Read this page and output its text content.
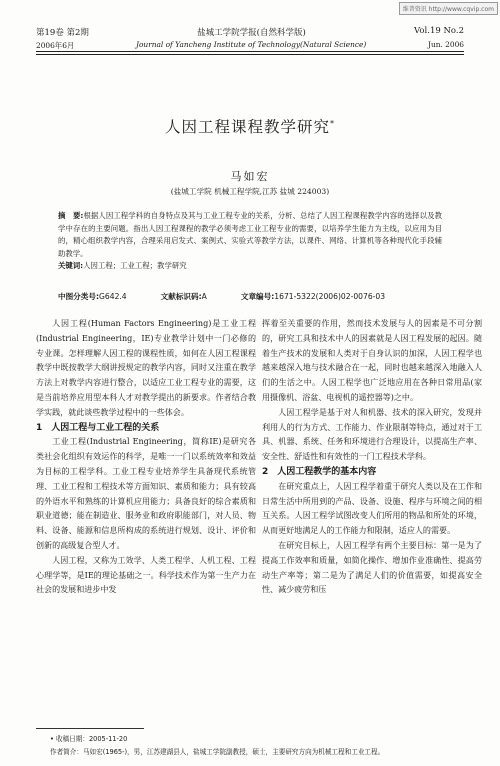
维普资讯 http://www.cqvip.com
第19卷 第2期	盐城工学院学报(自然科学版)	Vol.19 No.2
2006年6月	Journal of Yancheng Institute of Technology(Natural Science)	Jun. 2006
人因工程课程教学研究*
马如宏
(盐城工学院 机械工程学院,江苏 盐城 224003)
摘　要:根据人因工程学科的自身特点及其与工业工程专业的关系，分析、总结了人因工程课程教学内容的选择以及教学中存在的主要问题。指出人因工程课程的教学必须考虑工业工程专业的需要，以培养学生能力为主线，以应用为目的，精心组织教学内容，合理采用启发式、案例式、实验式等教学方法，以课件、网络、计算机等各种现代化手段辅助教学。
关键词:人因工程；工业工程；教学研究
中图分类号:G642.4	文献标识码:A	文章编号:1671-5322(2006)02-0076-03

人因工程(Human Factors Engineering)是工业工程(Industrial Engineering，IE)专业教学计划中一门必修的专业课。怎样理解人因工程的课程性质，如何在人因工程课程教学中既按教学大纲讲授规定的教学内容，同时又注重在教学方法上对教学内容进行整合，以适应工业工程专业的需要，这是当前培养应用型本科人才对教学提出的新要求。作者结合教学实践，就此谈些教学过程中的一些体会。

1　人因工程与工业工程的关系

工业工程(Industrial Engineering，简称IE)是研究各类社会化组织有效运作的科学，是唯一一门以系统效率和效益为目标的工程学科。工业工程专业培养学生具备现代系统管理、工业工程和工程技术等方面知识、素质和能力；具有较高的外语水平和熟练的计算机应用能力；具备良好的综合素质和职业道德；能在制造业、服务业和政府职能部门，对人员、物料、设备、能源和信息所构成的系统进行规划、设计、评价和创新的高级复合型人才。

人因工程，又称为工效学、人类工程学、人机工程、工程心理学等，是IE的理论基础之一。科学技术作为第一生产力在社会的发展和进步中发

挥着至关重要的作用，然而技术发展与人的因素是不可分割的，研究工具和技术中人的因素就是人因工程发展的起因。随着生产技术的发展和人类对于自身认识的加深，人因工程学也越来越深入地与技术融合在一起，同时也越来越深入地融入人们的生活之中。人因工程学也广泛地应用在各种日常用品(家用摄像机、浴盆、电视机的遥控器等)之中。

人因工程学是基于对人和机器、技术的深入研究，发现并利用人的行为方式、工作能力、作业限制等特点，通过对于工具、机器、系统、任务和环境进行合理设计，以提高生产率、安全性、舒适性和有效性的一门工程技术学科。

2　人因工程教学的基本内容

在研究重点上，人因工程学着重于研究人类以及在工作和日常生活中所用到的产品、设备、设施、程序与环境之间的相互关系。人因工程学试图改变人们所用的物品和所处的环境，从而更好地满足人的工作能力和限制，适应人的需要。

在研究目标上，人因工程学有两个主要目标：第一是为了提高工作效率和质量，如简化操作、增加作业准确性、提高劳动生产率等；第二是为了满足人们的价值需要，如提高安全性、减少疲劳和压

• 收稿日期：2005-11-20
作者简介：马如宏(1965-)，男，江苏建湖县人，盐城工学院副教授，硕士，主要研究方向为机械工程和工业工程。
